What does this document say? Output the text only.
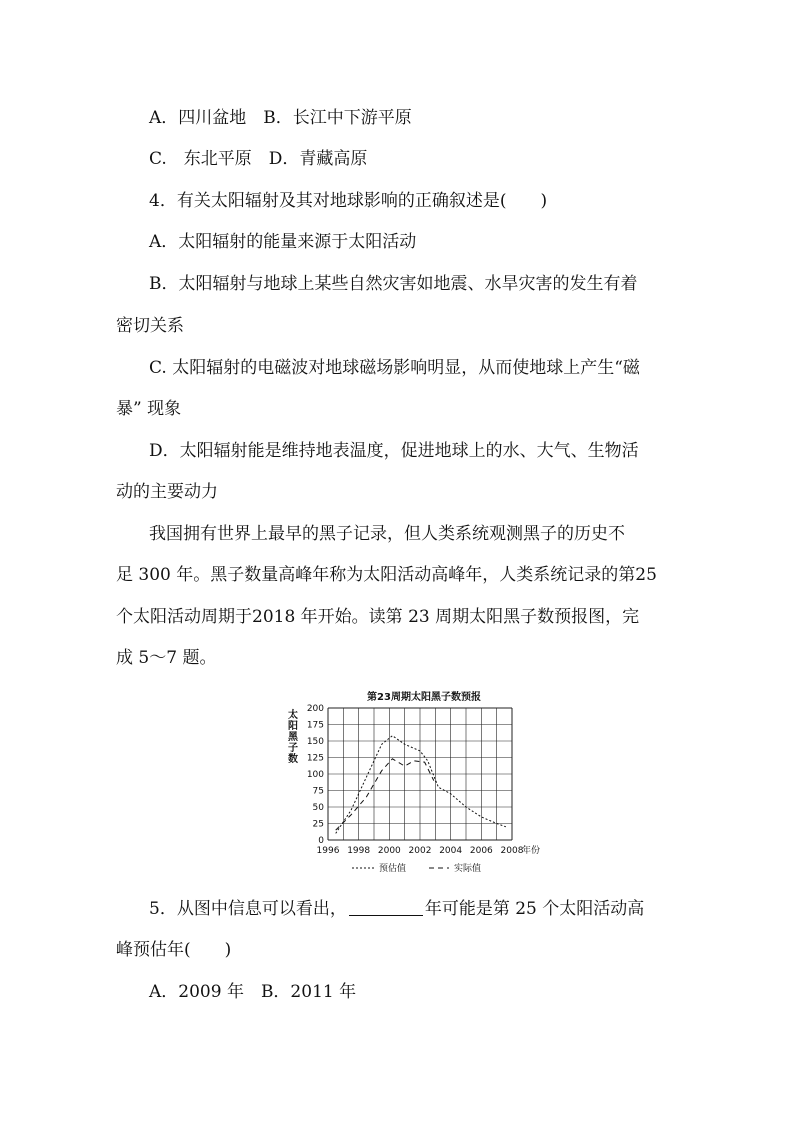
A．四川盆地　B．长江中下游平原
C.　东北平原　D．青藏高原
4．有关太阳辐射及其对地球影响的正确叙述是(　　)
A．太阳辐射的能量来源于太阳活动
B．太阳辐射与地球上某些自然灾害如地震、水旱灾害的发生有着
密切关系
C. 太阳辐射的电磁波对地球磁场影响明显，从而使地球上产生“磁
暴” 现象
D．太阳辐射能是维持地表温度，促进地球上的水、大气、生物活
动的主要动力
我国拥有世界上最早的黑子记录，但人类系统观测黑子的历史不
足 300 年。黑子数量高峰年称为太阳活动高峰年，人类系统记录的第25
个太阳活动周期于2018 年开始。读第 23 周期太阳黑子数预报图，完
成 5～7 题。
第23周期太阳黑子数预报
太
阳
黑
子
数
0
25
50
75
100
125
150
175
200
1996 1998 2000 2002 2004 2006 2008
年份
预估值	实际值
5．从图中信息可以看出，	年可能是第 25 个太阳活动高
峰预估年(　　)
A．2009 年　B．2011 年
